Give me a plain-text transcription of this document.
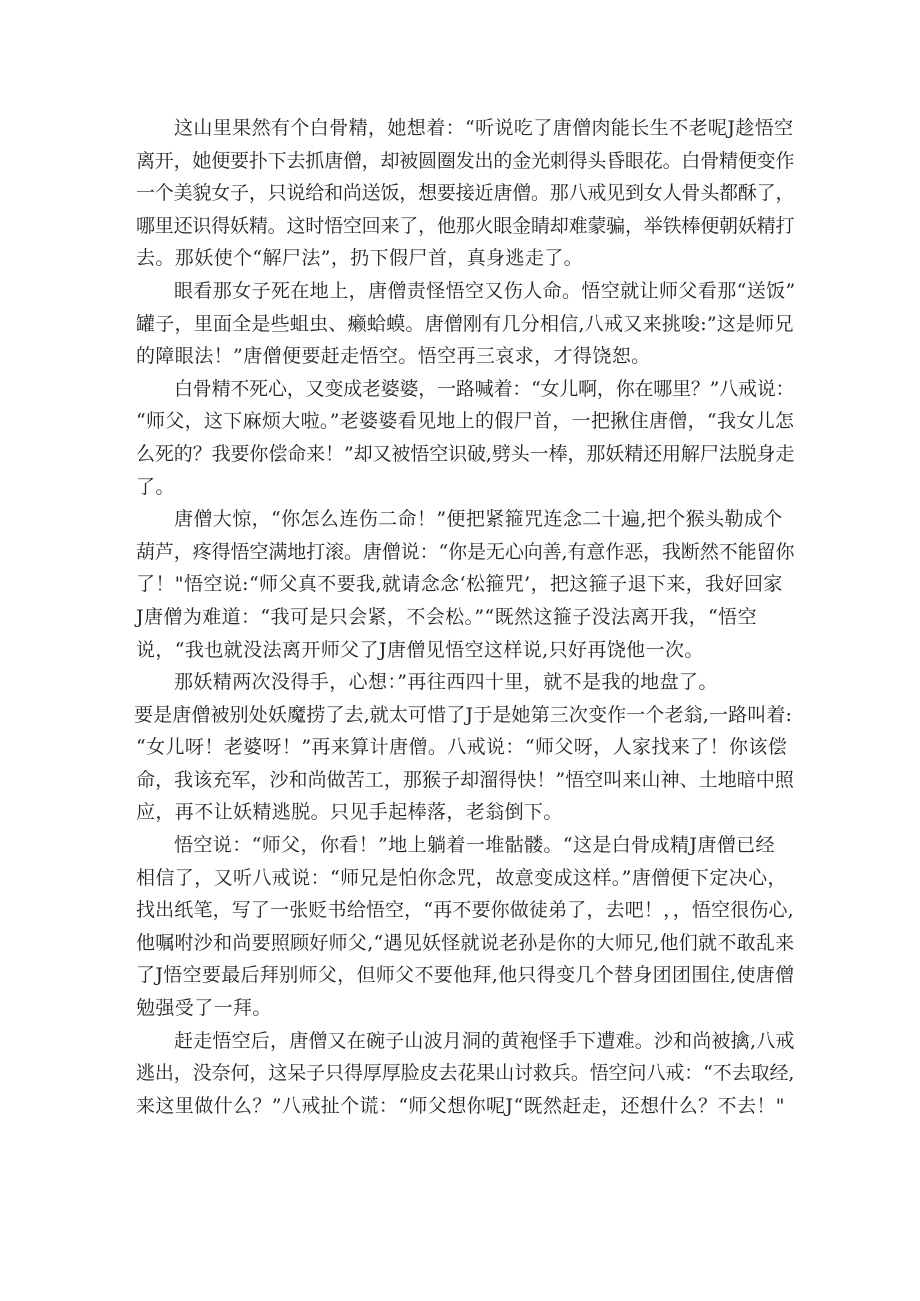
这山里果然有个白骨精，她想着：“听说吃了唐僧肉能长生不老呢J趁悟空
离开，她便要扑下去抓唐僧，却被圆圈发出的金光刺得头昏眼花。白骨精便变作
一个美貌女子，只说给和尚送饭，想要接近唐僧。那八戒见到女人骨头都酥了，
哪里还识得妖精。这时悟空回来了，他那火眼金睛却难蒙骗，举铁棒便朝妖精打
去。那妖使个“解尸法”，扔下假尸首，真身逃走了。
眼看那女子死在地上，唐僧责怪悟空又伤人命。悟空就让师父看那“送饭”
罐子，里面全是些蛆虫、癞蛤蟆。唐僧刚有几分相信,八戒又来挑唆:”这是师兄
的障眼法！”唐僧便要赶走悟空。悟空再三哀求，才得饶恕。
白骨精不死心，又变成老婆婆，一路喊着：“女儿啊，你在哪里？”八戒说：
“师父，这下麻烦大啦。”老婆婆看见地上的假尸首，一把揪住唐僧，“我女儿怎
么死的？我要你偿命来！”却又被悟空识破,劈头一棒，那妖精还用解尸法脱身走
了。
唐僧大惊，“你怎么连伤二命！”便把紧箍咒连念二十遍,把个猴头勒成个
葫芦，疼得悟空满地打滚。唐僧说：“你是无心向善,有意作恶，我断然不能留你
了！"悟空说:“师父真不要我,就请念念‘松箍咒’，把这箍子退下来，我好回家
J唐僧为难道：“我可是只会紧，不会松。”“既然这箍子没法离开我，“悟空
说，“我也就没法离开师父了J唐僧见悟空这样说,只好再饶他一次。
那妖精两次没得手，心想：”再往西四十里，就不是我的地盘了。
要是唐僧被别处妖魔捞了去,就太可惜了J于是她第三次变作一个老翁,一路叫着:
“女儿呀！老婆呀！”再来算计唐僧。八戒说：“师父呀，人家找来了！你该偿
命，我该充军，沙和尚做苦工，那猴子却溜得快！”悟空叫来山神、土地暗中照
应，再不让妖精逃脱。只见手起棒落，老翁倒下。
悟空说：“师父，你看！”地上躺着一堆骷髅。“这是白骨成精J唐僧已经
相信了，又听八戒说：“师兄是怕你念咒，故意变成这样。”唐僧便下定决心，
找出纸笔，写了一张贬书给悟空，“再不要你做徒弟了，去吧！，，悟空很伤心,
他嘱咐沙和尚要照顾好师父,“遇见妖怪就说老孙是你的大师兄,他们就不敢乱来
了J悟空要最后拜别师父，但师父不要他拜,他只得变几个替身团团围住,使唐僧
勉强受了一拜。
赶走悟空后，唐僧又在碗子山波月洞的黄袍怪手下遭难。沙和尚被擒,八戒
逃出，没奈何，这呆子只得厚厚脸皮去花果山讨救兵。悟空问八戒：“不去取经,
来这里做什么？”八戒扯个谎：“师父想你呢J“既然赶走，还想什么？不去！"
